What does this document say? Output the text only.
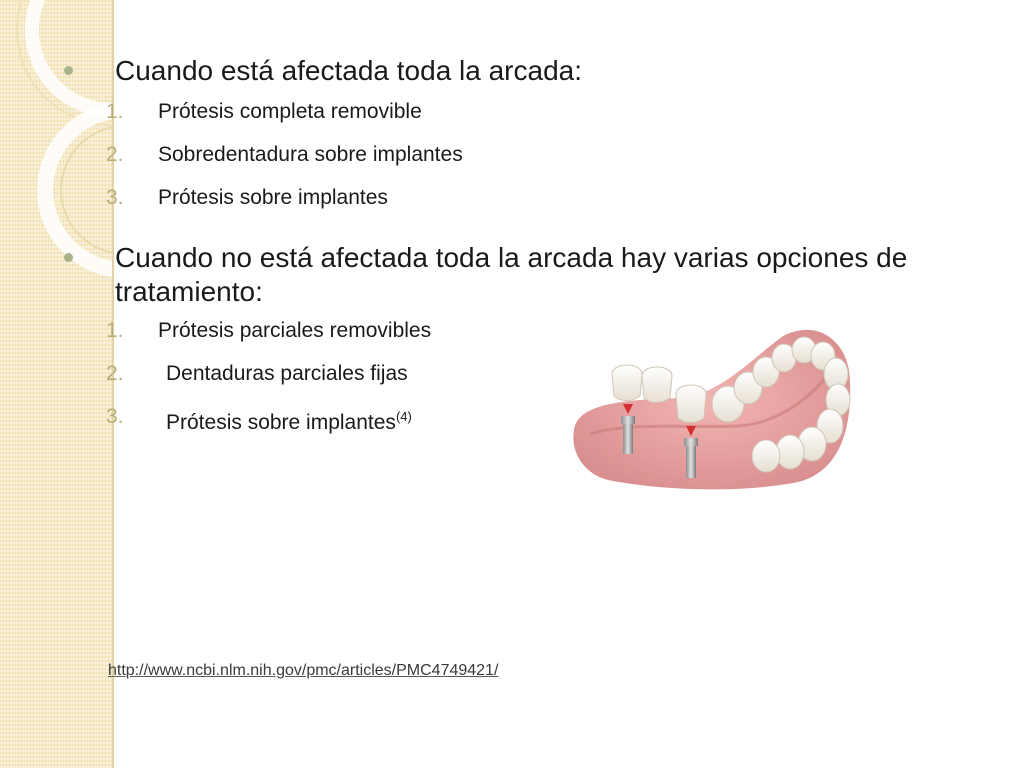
Cuando está afectada toda la arcada:
1. Prótesis completa removible
2. Sobredentadura sobre implantes
3. Prótesis sobre implantes
Cuando no está afectada toda la arcada hay varias opciones de tratamiento:
1. Prótesis parciales removibles
2. Dentaduras parciales fijas
3. Prótesis sobre implantes$^{(4)}$
http://www.ncbi.nlm.nih.gov/pmc/articles/PMC4749421/
